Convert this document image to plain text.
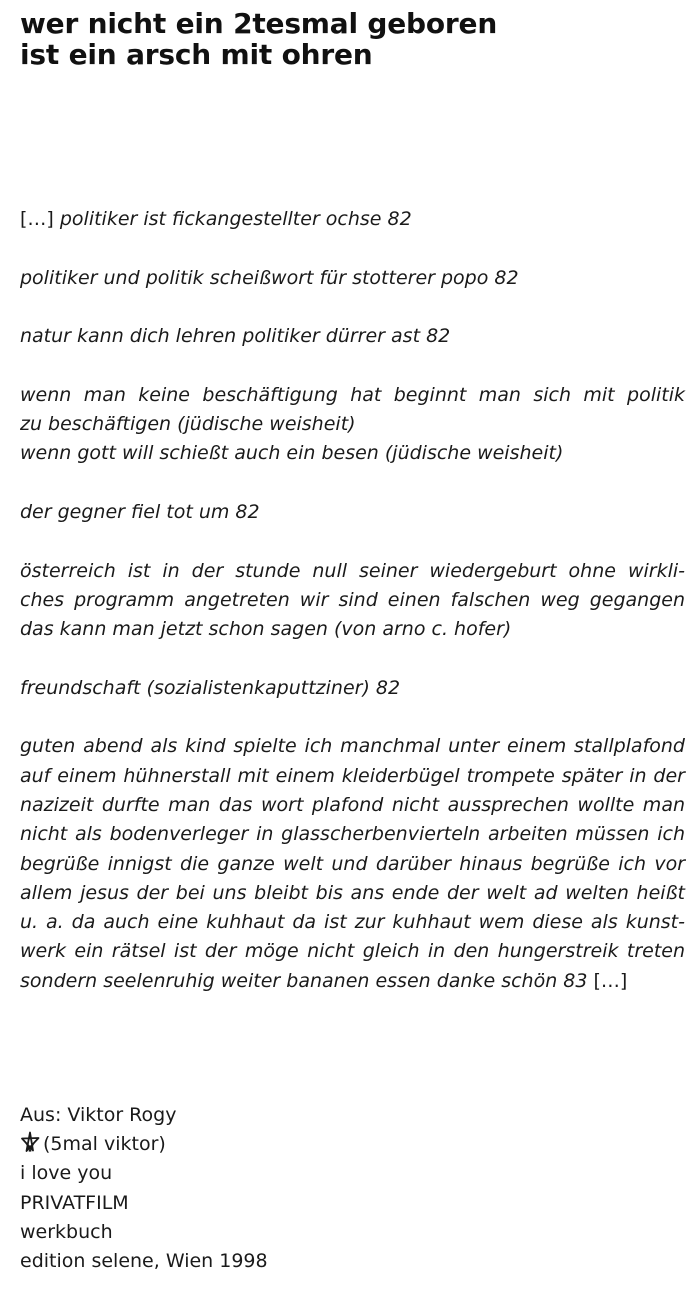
wer nicht ein 2tesmal geboren
ist ein arsch mit ohren

[…] politiker ist fickangestellter ochse 82

politiker und politik scheißwort für stotterer popo 82

natur kann dich lehren politiker dürrer ast 82

wenn man keine beschäftigung hat beginnt man sich mit politik
zu beschäftigen (jüdische weisheit)
wenn gott will schießt auch ein besen (jüdische weisheit)

der gegner fiel tot um 82

österreich ist in der stunde null seiner wiedergeburt ohne wirkli-
ches programm angetreten wir sind einen falschen weg gegangen
das kann man jetzt schon sagen (von arno c. hofer)

freundschaft (sozialistenkaputtziner) 82

guten abend als kind spielte ich manchmal unter einem stallplafond
auf einem hühnerstall mit einem kleiderbügel trompete später in der
nazizeit durfte man das wort plafond nicht aussprechen wollte man
nicht als bodenverleger in glasscherbenvierteln arbeiten müssen ich
begrüße innigst die ganze welt und darüber hinaus begrüße ich vor
allem jesus der bei uns bleibt bis ans ende der welt ad welten heißt
u. a. da auch eine kuhhaut da ist zur kuhhaut wem diese als kunst-
werk ein rätsel ist der möge nicht gleich in den hungerstreik treten
sondern seelenruhig weiter bananen essen danke schön 83 […]

Aus: Viktor Rogy
(5mal viktor)
i love you
PRIVATFILM
werkbuch
edition selene, Wien 1998
